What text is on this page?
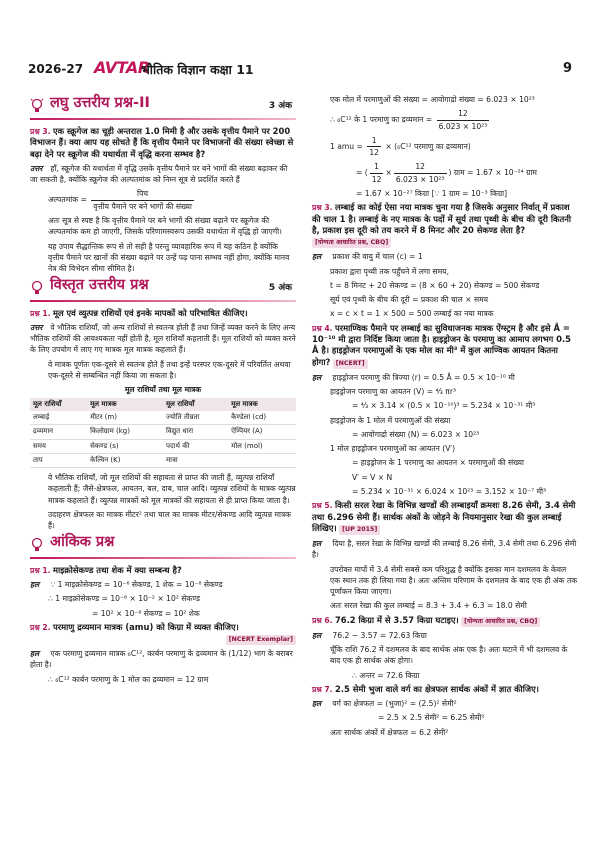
2026-27 AVTAR
भौतिक विज्ञान कक्षा 11	9
लघु उत्तरीय प्रश्न-II	3 अंक
प्रश्न 3. एक स्क्रूगेज का चूड़ी अन्तराल 1.0 मिमी है और उसके वृत्तीय पैमाने पर 200 विभाजन हैं। क्या आप यह सोचते हैं कि वृत्तीय पैमाने पर विभाजनों की संख्या स्वेच्छा से बढ़ा देने पर स्क्रूगेज की यथार्थता में वृद्धि करना सम्भव है?
उत्तर हाँ, स्क्रूगेज की यथार्थता में वृद्धि उसके वृत्तीय पैमाने पर बने भागों की संख्या बढ़ाकर की जा सकती है, क्योंकि स्क्रूगेज की अल्पतमांक को निम्न सूत्र से प्रदर्शित करते हैं
अल्पतमांक = $\frac{\text{पिच}}{\text{वृत्तीय पैमाने पर बने भागों की संख्या}}$
अतः सूत्र से स्पष्ट है कि वृत्तीय पैमाने पर बने भागों की संख्या बढ़ाने पर स्क्रूगेज की अल्पतमांक कम हो जाएगी, जिसके परिणामस्वरूप उसकी यथार्थता में वृद्धि हो जाएगी।
यह उपाय सैद्धान्तिक रूप से तो सही है परन्तु व्यावहारिक रूप में यह कठिन है क्योंकि वृत्तीय पैमाने पर खानों की संख्या बढ़ाने पर उन्हें पढ़ पाना सम्भव नहीं होगा, क्योंकि मानव नेत्र की विभेदन सीमा सीमित है।
विस्तृत उत्तरीय प्रश्न	5 अंक
प्रश्न 1. मूल एवं व्युत्पन्न राशियों एवं इनके मापकों को परिभाषित कीजिए।
उत्तर वे भौतिक राशियाँ, जो अन्य राशियों से स्वतन्त्र होती हैं तथा जिन्हें व्यक्त करने के लिए अन्य भौतिक राशियों की आवश्यकता नहीं होती है, मूल राशियाँ कहलाती हैं। मूल राशियों को व्यक्त करने के लिए उपयोग में लाए गए मात्रक मूल मात्रक कहलाते हैं।
वे मात्रक पूर्णतः एक-दूसरे से स्वतन्त्र होते हैं तथा इन्हें परस्पर एक-दूसरे में परिवर्तित अथवा एक-दूसरे से सम्बन्धित नहीं किया जा सकता है।
मूल राशियाँ तथा मूल मात्रक
मूल राशियाँ	मूल मात्रक	मूल राशियाँ	मूल मात्रक
लम्बाई	मीटर (m)	ज्योति तीव्रता	कैण्डेला (cd)
द्रव्यमान	किलोग्राम (kg)	विद्युत धारा	ऐम्पियर (A)
समय	सेकण्ड (s)	पदार्थ की	मोल (mol)
ताप	केल्विन (K)	मात्रा	
वे भौतिक राशियाँ, जो मूल राशियों की सहायता से प्राप्त की जाती हैं, व्युत्पन्न राशियाँ कहलाती हैं; जैसे-क्षेत्रफल, आयतन, बल, दाब, चाल आदि। व्युत्पन्न राशियों के मात्रक व्युत्पन्न मात्रक कहलाते हैं। व्युत्पन्न मात्रकों को मूल मात्रकों की सहायता से ही प्राप्त किया जाता है।
उदाहरण क्षेत्रफल का मात्रक मीटर² तथा चाल का मात्रक मीटर/सेकण्ड आदि व्युत्पन्न मात्रक हैं।
आंकिक प्रश्न
प्रश्न 1. माइक्रोसेकण्ड तथा शेक में क्या सम्बन्ध है?
हल ∵ 1 माइक्रोसेकण्ड = 10⁻⁶ सेकण्ड, 1 शेक = 10⁻⁸ सेकण्ड
∴ 1 माइक्रोसेकण्ड = 10⁻⁶ × 10⁻² × 10² सेकण्ड
= 10² × 10⁻⁸ सेकण्ड = 10² शेक
प्रश्न 2. परमाणु द्रव्यमान मात्रक (amu) को किग्रा में व्यक्त कीजिए।
[NCERT Exemplar]
हल एक परमाणु द्रव्यमान मात्रक ₆C¹², कार्बन परमाणु के द्रव्यमान के (1/12) भाग के बराबर होता है।
∴ ₆C¹² कार्बन परमाणु के 1 मोल का द्रव्यमान = 12 ग्राम
एक मोल में परमाणुओं की संख्या = आवोगाद्रो संख्या = 6.023 × 10²³
∴ ₆C¹² के 1 परमाणु का द्रव्यमान = $\frac{12}{\text{6.023 × 10²³}}$
1 amu = $\frac{1}{12} \times (_6C^{12}$ परमाणु का द्रव्यमान)
= ( $\frac{1}{12} \times \frac{12}{\text{6.023 × 10²³}}$ ) ग्राम = 1.67 × 10⁻²⁴ ग्राम
= 1.67 × 10⁻²⁷ किग्रा [∵ 1 ग्राम = 10⁻³ किग्रा]
प्रश्न 3. लम्बाई का कोई ऐसा नया मात्रक चुना गया है जिसके अनुसार निर्वात् में प्रकाश की चाल 1 है। लम्बाई के नए मात्रक के पदों में सूर्य तथा पृथ्वी के बीच की दूरी कितनी है, प्रकाश इस दूरी को तय करने में 8 मिनट और 20 सेकण्ड लेता है? [योग्यता आधारित प्रश्न, CBQ]
हल प्रकाश की वायु में चाल (c) = 1
प्रकाश द्वारा पृथ्वी तक पहुँचने में लगा समय,
t = 8 मिनट + 20 सेकण्ड = (8 × 60 + 20) सेकण्ड = 500 सेकण्ड
सूर्य एवं पृथ्वी के बीच की दूरी = प्रकाश की चाल × समय
x = c × t = 1 × 500 = 500 लम्बाई का नया मात्रक
प्रश्न 4. परमाण्विक पैमाने पर लम्बाई का सुविधाजनक मात्रक ऐंग्स्ट्रम है और इसे Å = 10⁻¹⁰ मी द्वारा निर्दिष्ट किया जाता है। हाइड्रोजन के परमाणु का आमाप लगभग 0.5 Å है। हाइड्रोजन परमाणुओं के एक मोल का मी³ में कुल आण्विक आयतन कितना होगा? [NCERT]
हल हाइड्रोजन परमाणु की त्रिज्या (r) = 0.5 Å = 0.5 × 10⁻¹⁰ मी
हाइड्रोजन परमाणु का आयतन (V) = ⁴⁄₃ πr³
= ⁴⁄₃ × 3.14 × (0.5 × 10⁻¹⁰)³ = 5.234 × 10⁻³¹ मी³
हाइड्रोजन के 1 मोल में परमाणुओं की संख्या
= आवोगाद्रो संख्या (N) = 6.023 × 10²³
1 मोल हाइड्रोजन परमाणुओं का आयतन (V′)
= हाइड्रोजन के 1 परमाणु का आयतन × परमाणुओं की संख्या
V′ = V × N
= 5.234 × 10⁻³¹ × 6.024 × 10²³ = 3.152 × 10⁻⁷ मी³
प्रश्न 5. किसी सरल रेखा के विभिन्न खण्डों की लम्बाइयाँ क्रमशः 8.26 सेमी, 3.4 सेमी तथा 6.296 सेमी हैं। सार्थक अंकों के जोड़ने के नियमानुसार रेखा की कुल लम्बाई लिखिए। [UP 2015]
हल दिया है, सरल रेखा के विभिन्न खण्डों की लम्बाई 8.26 सेमी, 3.4 सेमी तथा 6.296 सेमी है।
उपरोक्त मापों में 3.4 सेमी सबसे कम परिशुद्ध है क्योंकि इसका मान दशमलव के केवल एक स्थान तक ही लिया गया है। अतः अन्तिम परिणाम के दशमलव के बाद एक ही अंक तक पूर्णांकन किया जाएगा।
अतः सरल रेखा की कुल लम्बाई = 8.3 + 3.4 + 6.3 = 18.0 सेमी
प्रश्न 6. 76.2 किग्रा में से 3.57 किग्रा घटाइए। [योग्यता आधारित प्रश्न, CBQ]
हल 76.2 − 3.57 = 72.63 किग्रा
चूँकि राशि 76.2 में दशमलव के बाद सार्थक अंक एक है। अतः घटाने में भी दशमलव के बाद एक ही सार्थक अंक होगा।
∴ अन्तर = 72.6 किग्रा
प्रश्न 7. 2.5 सेमी भुजा वाले वर्ग का क्षेत्रफल सार्थक अंकों में ज्ञात कीजिए।
हल वर्ग का क्षेत्रफल = (भुजा)² = (2.5)² सेमी²
= 2.5 × 2.5 सेमी² = 6.25 सेमी²
अतः सार्थक अंकों में क्षेत्रफल = 6.2 सेमी²
